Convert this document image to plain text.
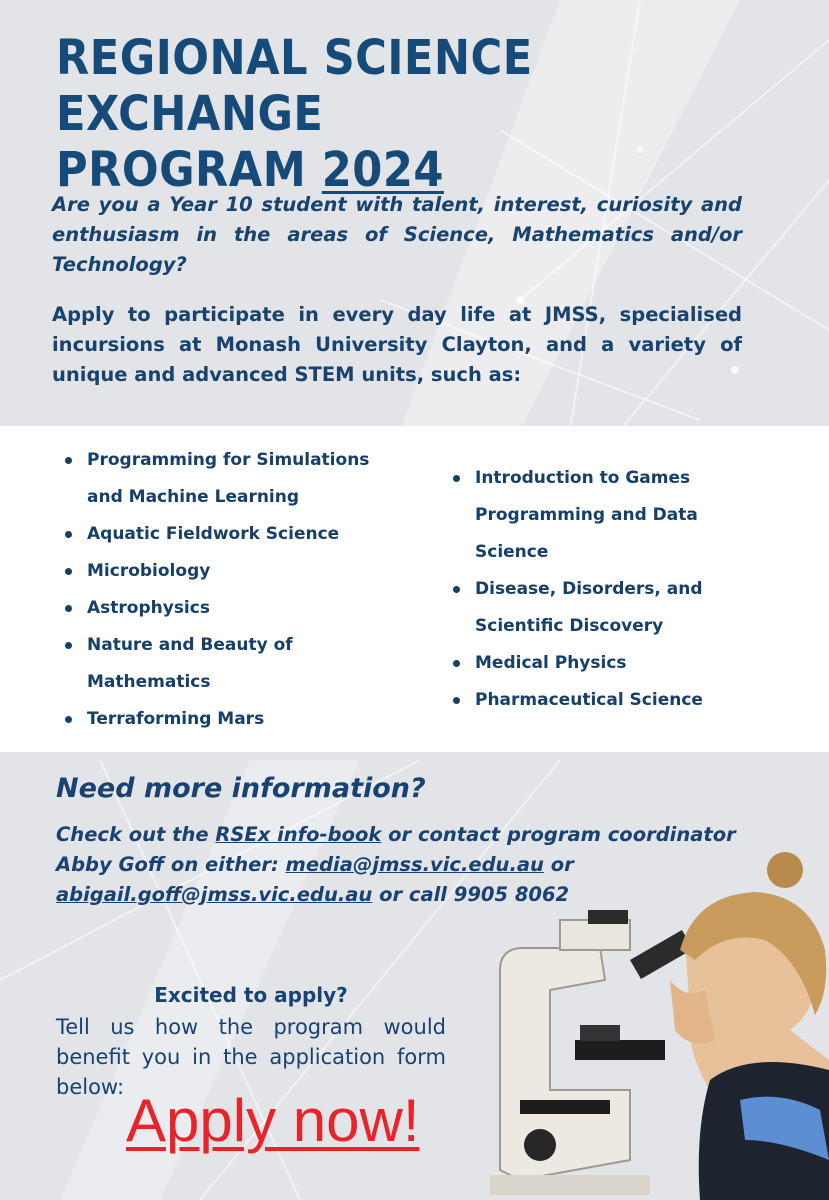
REGIONAL SCIENCE EXCHANGE
PROGRAM 2024

Are you a Year 10 student with talent, interest, curiosity and enthusiasm in the areas of Science, Mathematics and/or Technology?

Apply to participate in every day life at JMSS, specialised incursions at Monash University Clayton, and a variety of unique and advanced STEM units, such as:

Programming for Simulations and Machine Learning
Aquatic Fieldwork Science
Microbiology
Astrophysics
Nature and Beauty of Mathematics
Terraforming Mars
Introduction to Games Programming and Data Science
Disease, Disorders, and Scientific Discovery
Medical Physics
Pharmaceutical Science
Need more information?

Check out the RSEx info-book or contact program coordinator Abby Goff on either: media@jmss.vic.edu.au or abigail.goff@jmss.vic.edu.au or call 9905 8062

Excited to apply?

Tell us how the program would benefit you in the application form below: Apply now!
